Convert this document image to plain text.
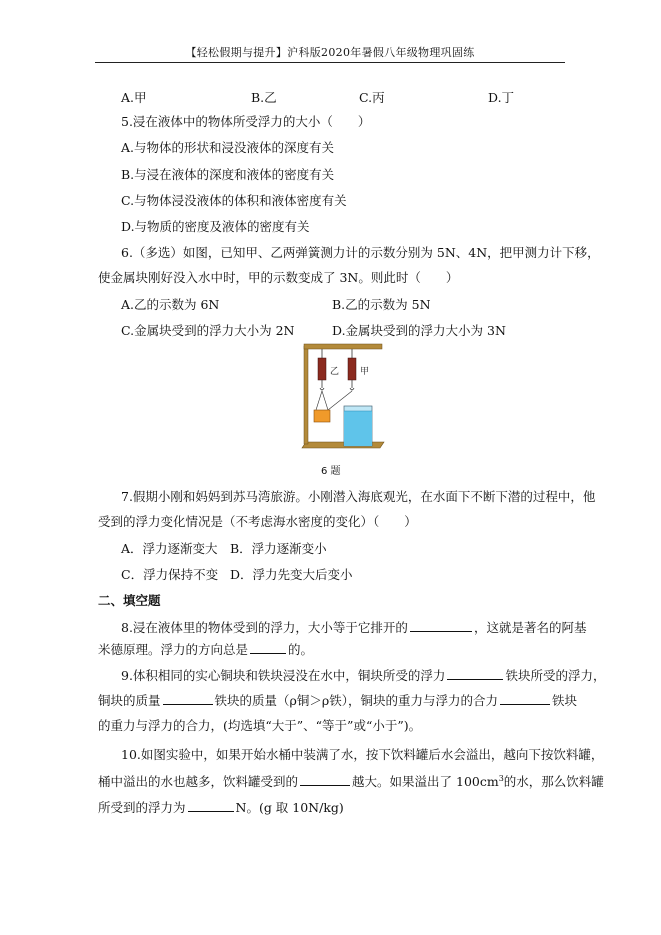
【轻松假期与提升】沪科版2020年暑假八年级物理巩固练
A.甲	B.乙	C.丙	D.丁
5.浸在液体中的物体所受浮力的大小（　　）
A.与物体的形状和浸没液体的深度有关
B.与浸在液体的深度和液体的密度有关
C.与物体浸没液体的体积和液体密度有关
D.与物质的密度及液体的密度有关
6.（多选）如图，已知甲、乙两弹簧测力计的示数分别为 5N、4N，把甲测力计下移，
使金属块刚好没入水中时，甲的示数变成了 3N。则此时（　　）
A.乙的示数为 6N	B.乙的示数为 5N
C.金属块受到的浮力大小为 2N	D.金属块受到的浮力大小为 3N
乙 甲
6 题
7.假期小刚和妈妈到苏马湾旅游。小刚潜入海底观光，在水面下不断下潜的过程中，他
受到的浮力变化情况是（不考虑海水密度的变化）（　　）
A．浮力逐渐变大 B．浮力逐渐变小
C．浮力保持不变 D．浮力先变大后变小
二、填空题
8.浸在液体里的物体受到的浮力，大小等于它排开的	，这就是著名的阿基
米德原理。浮力的方向总是	的。
9.体积相同的实心铜块和铁块浸没在水中，铜块所受的浮力	铁块所受的浮力，
铜块的质量	铁块的质量（ρ铜＞ρ铁），铜块的重力与浮力的合力	铁块
的重力与浮力的合力，(均选填“大于”、“等于”或“小于”)。
10.如图实验中，如果开始水桶中装满了水，按下饮料罐后水会溢出，越向下按饮料罐，
桶中溢出的水也越多，饮料罐受到的	越大。如果溢出了 $100cm^3$的水，那么饮料罐
所受到的浮力为	N。(g 取 10N/kg)
